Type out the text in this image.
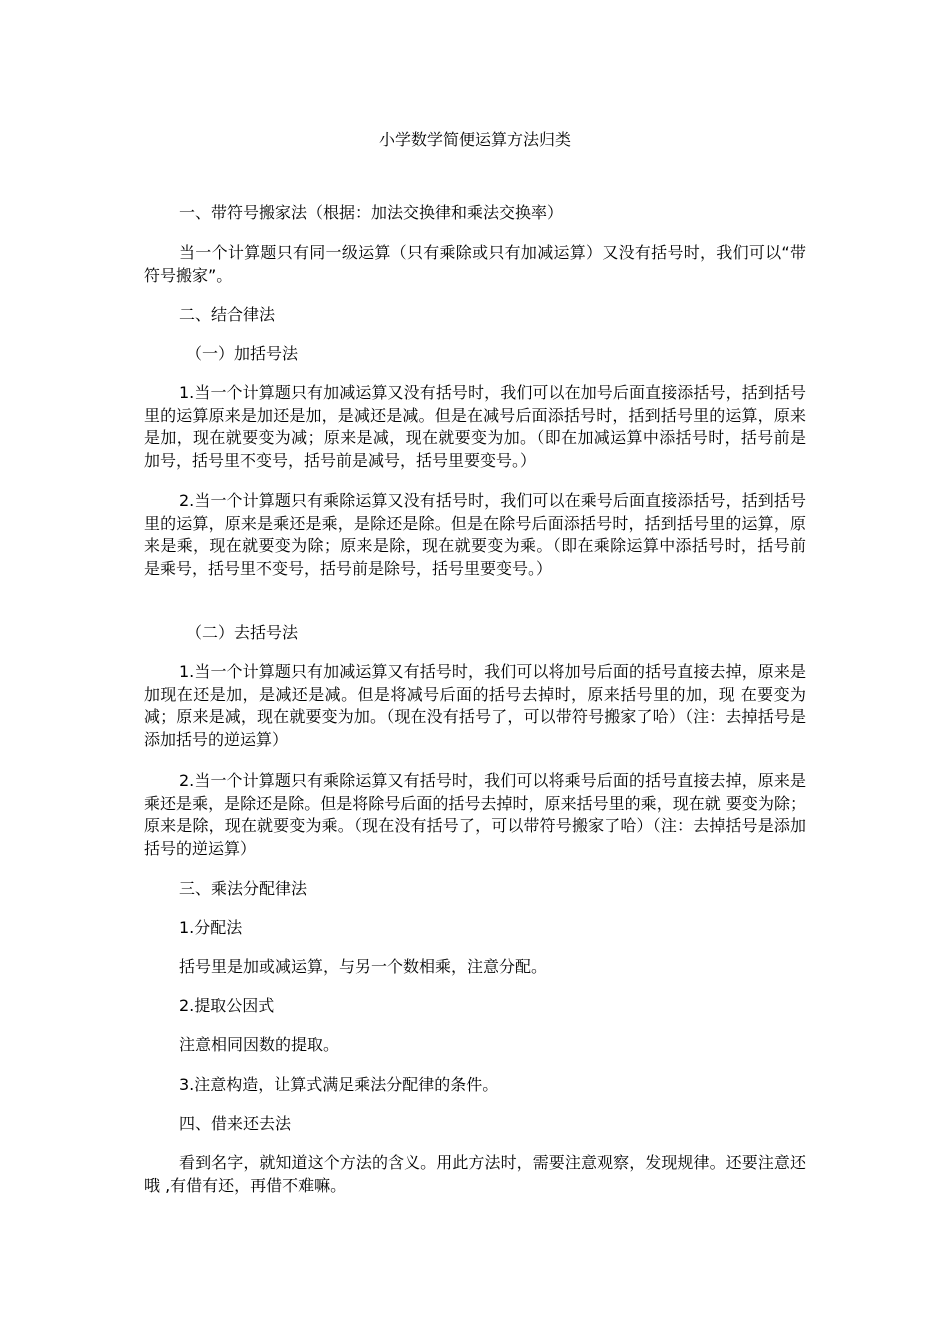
小学数学简便运算方法归类

一、带符号搬家法（根据：加法交换律和乘法交换率）

当一个计算题只有同一级运算（只有乘除或只有加减运算）又没有括号时，我们可以“带符号搬家”。

二、结合律法

（一）加括号法

1.当一个计算题只有加减运算又没有括号时，我们可以在加号后面直接添括号，括到括号里的运算原来是加还是加，是减还是减。但是在减号后面添括号时，括到括号里的运算，原来是加，现在就要变为减；原来是减，现在就要变为加。（即在加减运算中添括号时，括号前是加号，括号里不变号，括号前是减号，括号里要变号。）

2.当一个计算题只有乘除运算又没有括号时，我们可以在乘号后面直接添括号，括到括号里的运算，原来是乘还是乘，是除还是除。但是在除号后面添括号时，括到括号里的运算，原来是乘，现在就要变为除；原来是除，现在就要变为乘。（即在乘除运算中添括号时，括号前是乘号，括号里不变号，括号前是除号，括号里要变号。）

（二）去括号法

1.当一个计算题只有加减运算又有括号时，我们可以将加号后面的括号直接去掉，原来是加现在还是加，是减还是减。但是将减号后面的括号去掉时，原来括号里的加，现 在要变为减；原来是减，现在就要变为加。（现在没有括号了，可以带符号搬家了哈）（注：去掉括号是添加括号的逆运算）

2.当一个计算题只有乘除运算又有括号时，我们可以将乘号后面的括号直接去掉，原来是乘还是乘，是除还是除。但是将除号后面的括号去掉时，原来括号里的乘，现在就 要变为除；原来是除，现在就要变为乘。（现在没有括号了，可以带符号搬家了哈）（注：去掉括号是添加括号的逆运算）

三、乘法分配律法

1.分配法

括号里是加或减运算，与另一个数相乘，注意分配。

2.提取公因式

注意相同因数的提取。

3.注意构造，让算式满足乘法分配律的条件。

四、借来还去法

看到名字，就知道这个方法的含义。用此方法时，需要注意观察，发现规律。还要注意还哦 ,有借有还，再借不难嘛。
